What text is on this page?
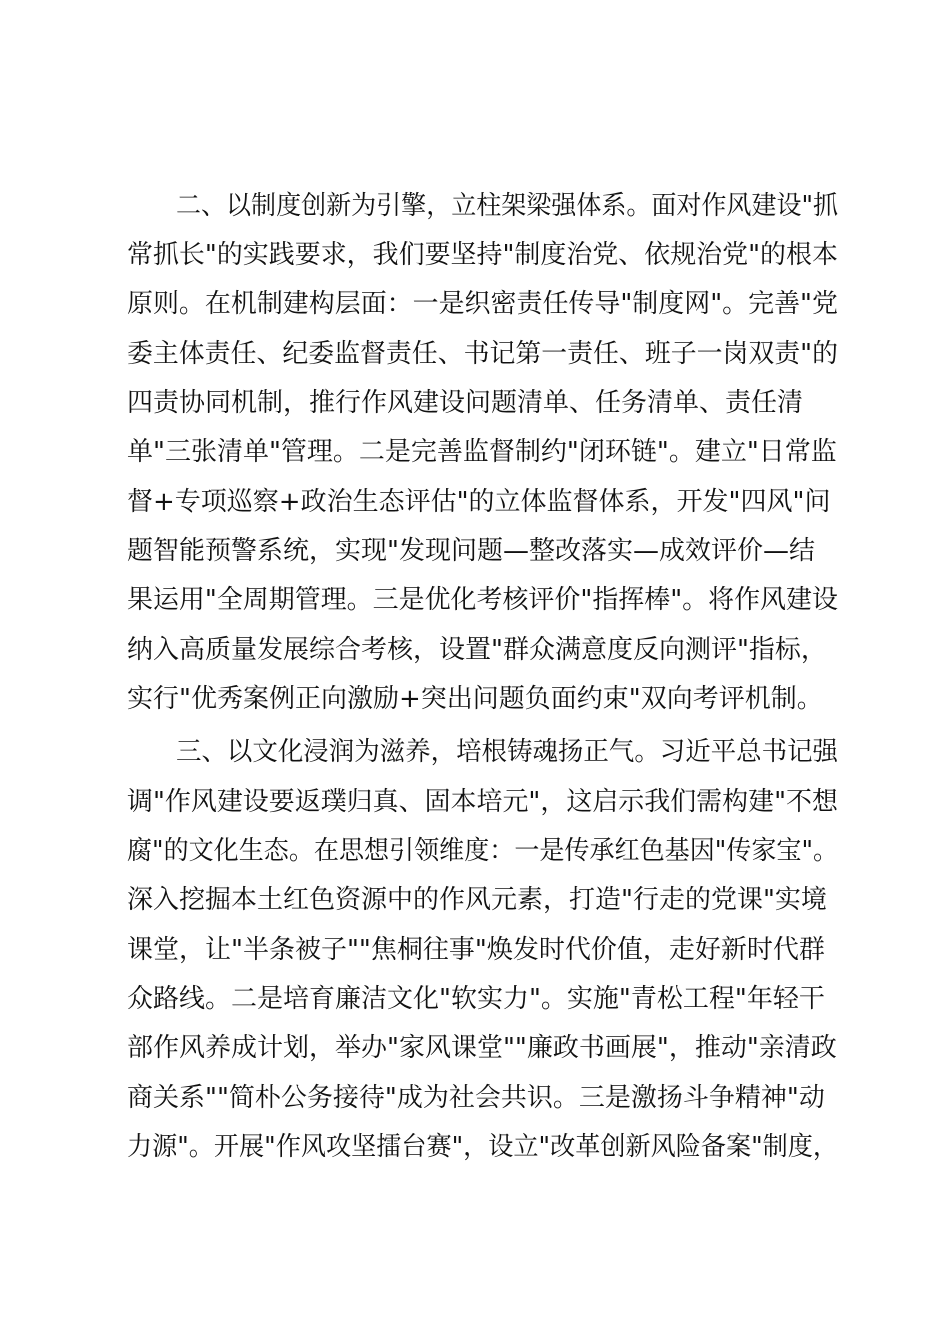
二、以制度创新为引擎，立柱架梁强体系。面对作风建设"抓
常抓长"的实践要求，我们要坚持"制度治党、依规治党"的根本
原则。在机制建构层面：一是织密责任传导"制度网"。完善"党
委主体责任、纪委监督责任、书记第一责任、班子一岗双责"的
四责协同机制，推行作风建设问题清单、任务清单、责任清
单"三张清单"管理。二是完善监督制约"闭环链"。建立"日常监
督+专项巡察+政治生态评估"的立体监督体系，开发"四风"问
题智能预警系统，实现"发现问题—整改落实—成效评价—结
果运用"全周期管理。三是优化考核评价"指挥棒"。将作风建设
纳入高质量发展综合考核，设置"群众满意度反向测评"指标，
实行"优秀案例正向激励+突出问题负面约束"双向考评机制。
三、以文化浸润为滋养，培根铸魂扬正气。习近平总书记强
调"作风建设要返璞归真、固本培元"，这启示我们需构建"不想
腐"的文化生态。在思想引领维度：一是传承红色基因"传家宝"。
深入挖掘本土红色资源中的作风元素，打造"行走的党课"实境
课堂，让"半条被子""焦桐往事"焕发时代价值，走好新时代群
众路线。二是培育廉洁文化"软实力"。实施"青松工程"年轻干
部作风养成计划，举办"家风课堂""廉政书画展"，推动"亲清政
商关系""简朴公务接待"成为社会共识。三是激扬斗争精神"动
力源"。开展"作风攻坚擂台赛"，设立"改革创新风险备案"制度，
